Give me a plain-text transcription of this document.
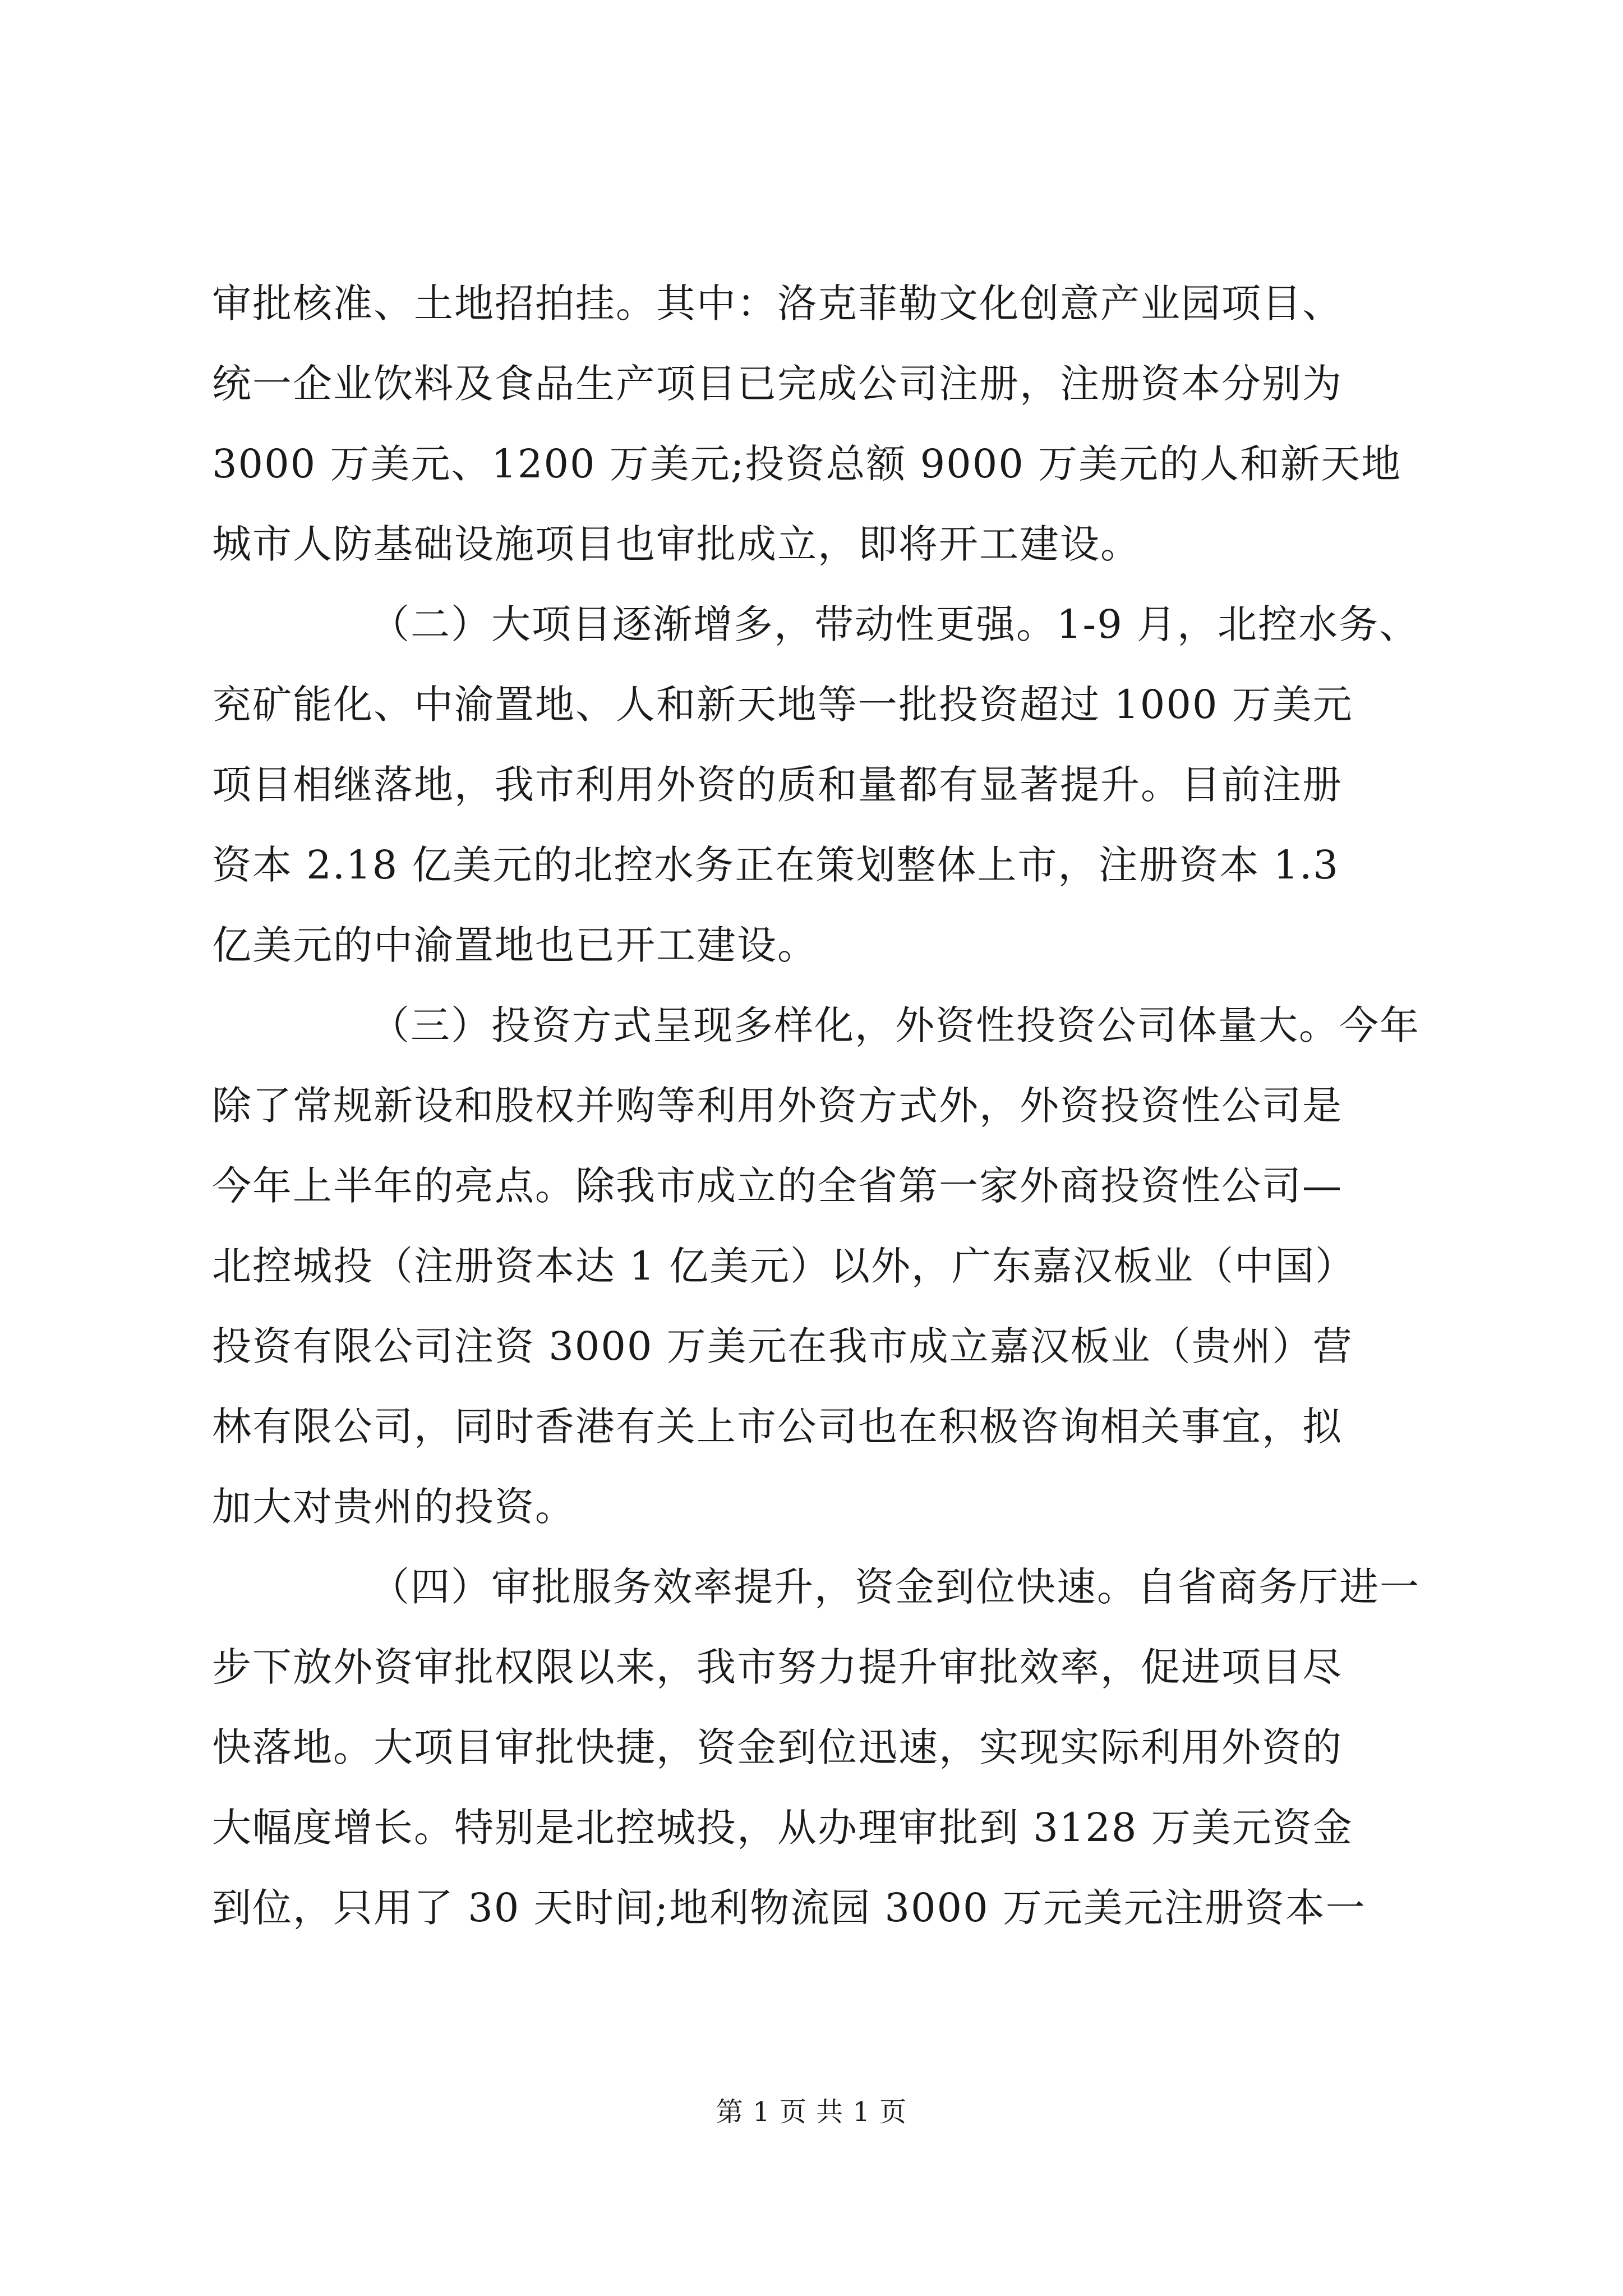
审批核准、土地招拍挂。其中：洛克菲勒文化创意产业园项目、
统一企业饮料及食品生产项目已完成公司注册，注册资本分别为
3000 万美元、1200 万美元;投资总额 9000 万美元的人和新天地
城市人防基础设施项目也审批成立，即将开工建设。

（二）大项目逐渐增多，带动性更强。1-9 月，北控水务、
兖矿能化、中渝置地、人和新天地等一批投资超过 1000 万美元
项目相继落地，我市利用外资的质和量都有显著提升。目前注册
资本 2.18 亿美元的北控水务正在策划整体上市，注册资本 1.3
亿美元的中渝置地也已开工建设。

（三）投资方式呈现多样化，外资性投资公司体量大。今年
除了常规新设和股权并购等利用外资方式外，外资投资性公司是
今年上半年的亮点。除我市成立的全省第一家外商投资性公司—
北控城投（注册资本达 1 亿美元）以外，广东嘉汉板业（中国）
投资有限公司注资 3000 万美元在我市成立嘉汉板业（贵州）营
林有限公司，同时香港有关上市公司也在积极咨询相关事宜，拟
加大对贵州的投资。

（四）审批服务效率提升，资金到位快速。自省商务厅进一
步下放外资审批权限以来，我市努力提升审批效率，促进项目尽
快落地。大项目审批快捷，资金到位迅速，实现实际利用外资的
大幅度增长。特别是北控城投，从办理审批到 3128 万美元资金
到位，只用了 30 天时间;地利物流园 3000 万元美元注册资本一

第 1 页 共 1 页
